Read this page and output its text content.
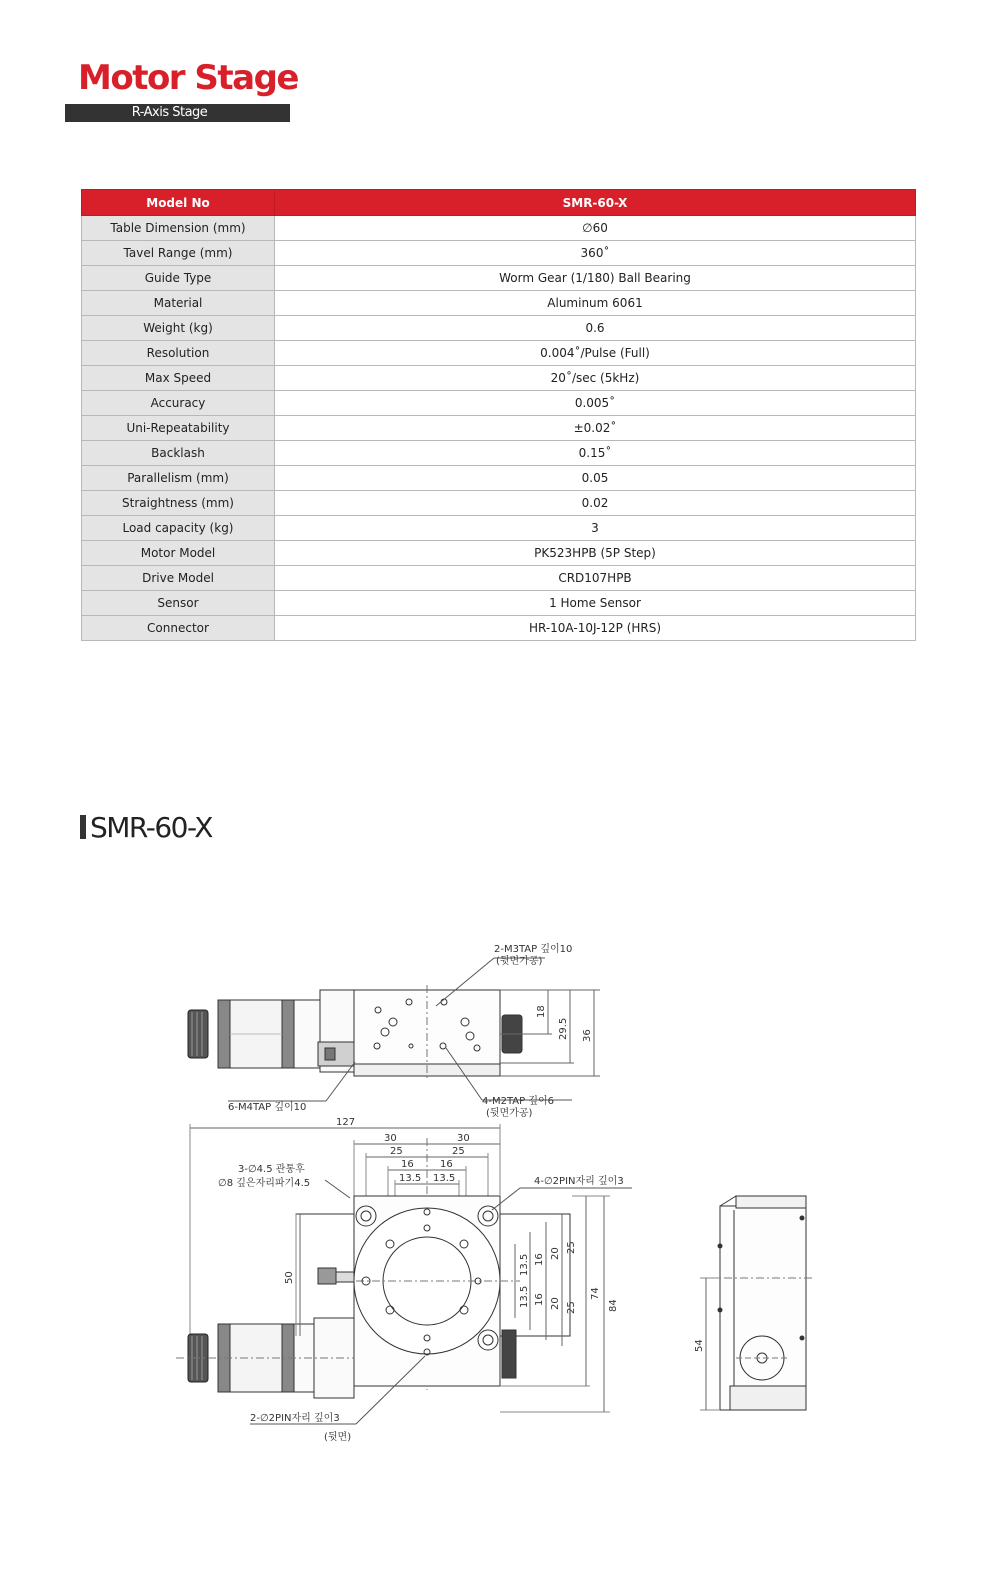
Motor Stage
R-Axis Stage
Model No	SMR-60-X
Table Dimension (mm)	∅60
Tavel Range (mm)	360˚
Guide Type	Worm Gear (1/180) Ball Bearing
Material	Aluminum 6061
Weight (kg)	0.6
Resolution	0.004˚/Pulse (Full)
Max Speed	20˚/sec (5kHz)
Accuracy	0.005˚
Uni-Repeatability	±0.02˚
Backlash	0.15˚
Parallelism (mm)	0.05
Straightness (mm)	0.02
Load capacity (kg)	3
Motor Model	PK523HPB (5P Step)
Drive Model	CRD107HPB
Sensor	1 Home Sensor
Connector	HR-10A-10J-12P (HRS)
SMR-60-X
2-M3TAP 깊이10
(뒷면가공)
6-M4TAP 깊이10
4-M2TAP 깊이6
(뒷면가공)
18
29.5 36
127
30	30
25	25
16	16
13.5 13.5
3-∅4.5 관통후
∅8 깊은자리파기4.5	4-∅2PIN자리 깊이3
50
13.5 16 20 25
13.5 16 20 25
74
84
2-∅2PIN자리 깊이3
(뒷면)
54
